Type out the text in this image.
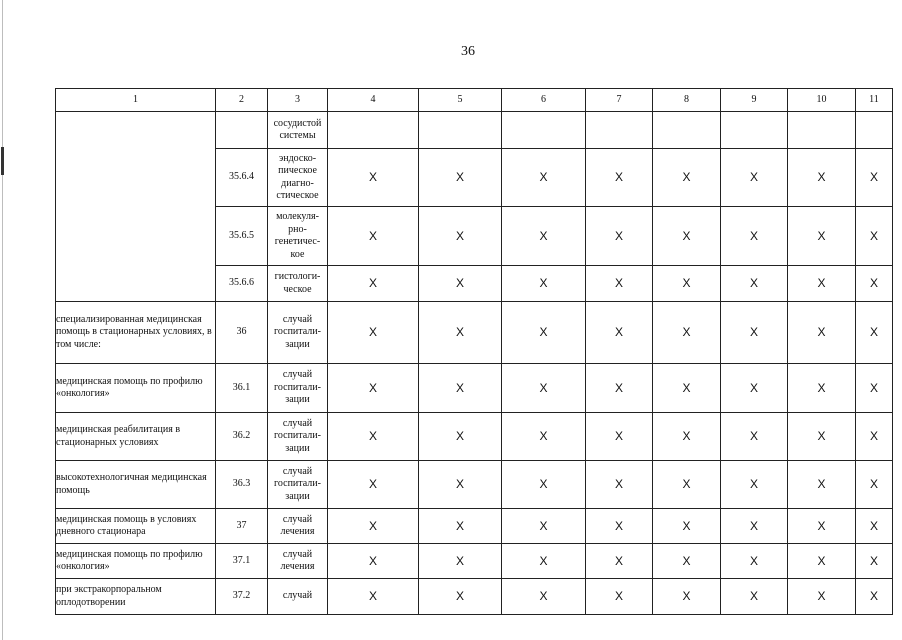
36
1	2	3	4	5	6	7	8	9	10	11
		сосудистой системы								
	35.6.4	эндоско-пическое диагно-стическое	Х	Х	Х	Х	Х	Х	Х	Х
	35.6.5	молекуля-рно-генетичес-кое	Х	Х	Х	Х	Х	Х	Х	Х
	35.6.6	гистологи-ческое	Х	Х	Х	Х	Х	Х	Х	Х
специализированная медицинская помощь в стационарных условиях, в том числе:	36	случай госпитали-зации	Х	Х	Х	Х	Х	Х	Х	Х
медицинская помощь по профилю «онкология»	36.1	случай госпитали-зации	Х	Х	Х	Х	Х	Х	Х	Х
медицинская реабилитация в стационарных условиях	36.2	случай госпитали-зации	Х	Х	Х	Х	Х	Х	Х	Х
высокотехнологичная медицинская помощь	36.3	случай госпитали-зации	Х	Х	Х	Х	Х	Х	Х	Х
медицинская помощь в условиях дневного стационара	37	случай лечения	Х	Х	Х	Х	Х	Х	Х	Х
медицинская помощь по профилю «онкология»	37.1	случай лечения	Х	Х	Х	Х	Х	Х	Х	Х
при экстракорпоральном оплодотворении	37.2	случай	Х	Х	Х	Х	Х	Х	Х	Х
